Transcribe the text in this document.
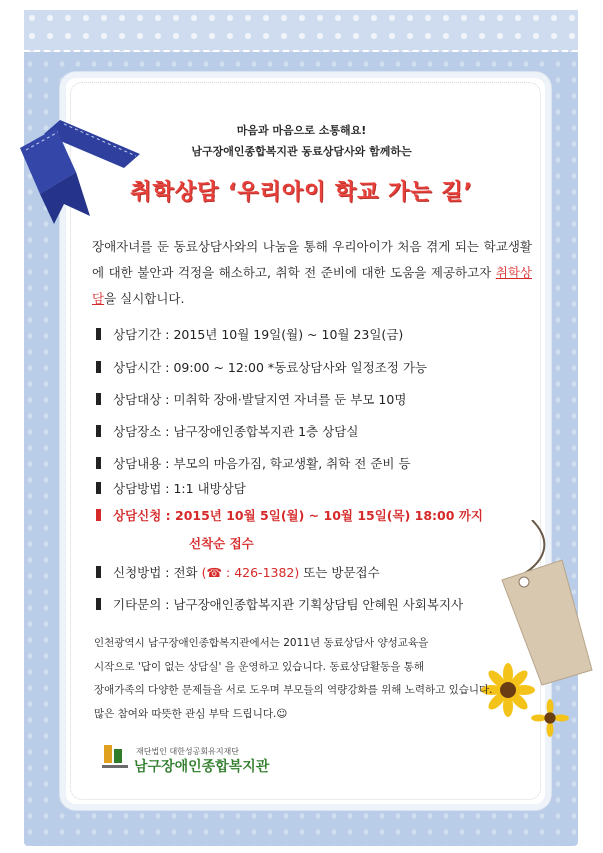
마음과 마음으로 소통해요!
남구장애인종합복지관 동료상담사와 함께하는
취학상담 ‘우리아이 학교 가는 길’
장애자녀를 둔 동료상담사와의 나눔을 통해 우리아이가 처음 겪게 되는 학교생활에 대한 불안과 걱정을 해소하고, 취학 전 준비에 대한 도움을 제공하고자 취학상담을 실시합니다.
상담기간 : 2015년 10월 19일(월) ~ 10월 23일(금)
상담시간 : 09:00 ~ 12:00 *동료상담사와 일정조정 가능
상담대상 : 미취학 장애·발달지연 자녀를 둔 부모 10명
상담장소 : 남구장애인종합복지관 1층 상담실
상담내용 : 부모의 마음가짐, 학교생활, 취학 전 준비 등
상담방법 : 1:1 내방상담
상담신청 : 2015년 10월 5일(월) ~ 10월 15일(목) 18:00 까지
신청방법 : 전화 (☎ : 426-1382) 또는 방문접수
기타문의 : 남구장애인종합복지관 기획상담팀 안혜원 사회복지사
선착순 접수
인천광역시 남구장애인종합복지관에서는 2011년 동료상담사 양성교육을
시작으로 '답이 없는 상담실' 을 운영하고 있습니다. 동료상담활동을 통해
장애가족의 다양한 문제들을 서로 도우며 부모들의 역량강화를 위해 노력하고 있습니다.
많은 참여와 따뜻한 관심 부탁 드립니다.☺
재단법인 대한성공회유지재단
남구장애인종합복지관
